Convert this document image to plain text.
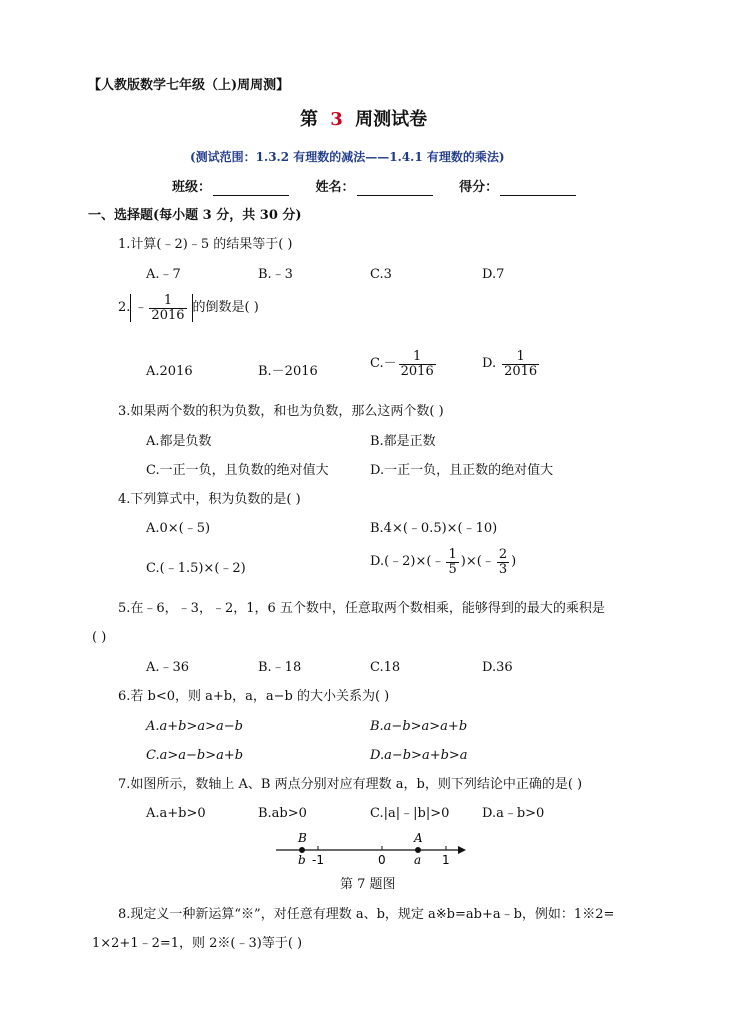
【人教版数学七年级（上)周周测】
第 3 周测试卷
(测试范围：1.3.2 有理数的减法——1.4.1 有理数的乘法)
班级：	姓名：	得分：
一、选择题(每小题 3 分，共 30 分)
1.计算(﹣2)﹣5 的结果等于( )
A.﹣7	B.﹣3	C.3	D.7
2. ﹣ $\frac{1}{2016}$ 的倒数是( )
A.2016	B.－2016
$C.- \frac{1}{2016}$	D. $\frac{1}{2016}$
3.如果两个数的积为负数，和也为负数，那么这两个数( )
A.都是负数	B.都是正数
C.一正一负，且负数的绝对值大	D.一正一负，且正数的绝对值大
4.下列算式中，积为负数的是( )
A.0×(﹣5)	B.4×(﹣0.5)×(﹣10)
C.(﹣1.5)×(﹣2)	D.(﹣2)×(﹣ $\frac{1}{5}$ )×(﹣ $\frac{2}{3}$ )
5.在﹣6，﹣3，﹣2，1，6 五个数中，任意取两个数相乘，能够得到的最大的乘积是
( )
A.﹣36	B.﹣18	C.18	D.36
6.若 b<0，则 a+b，a，a−b 的大小关系为( )
A.a+b>a>a−b	B.a−b>a>a+b
C.a>a−b>a+b	D.a−b>a+b>a
7.如图所示，数轴上 A、B 两点分别对应有理数 a，b，则下列结论中正确的是( )
A.a+b>0	B.ab>0	C.|a|﹣|b|>0	D.a﹣b>0
B	A
b -1	0 a 1
第 7 题图
8.现定义一种新运算“※”，对任意有理数 a、b，规定 a※b=ab+a﹣b，例如：1※2=
1×2+1﹣2=1，则 2※(﹣3)等于( )
